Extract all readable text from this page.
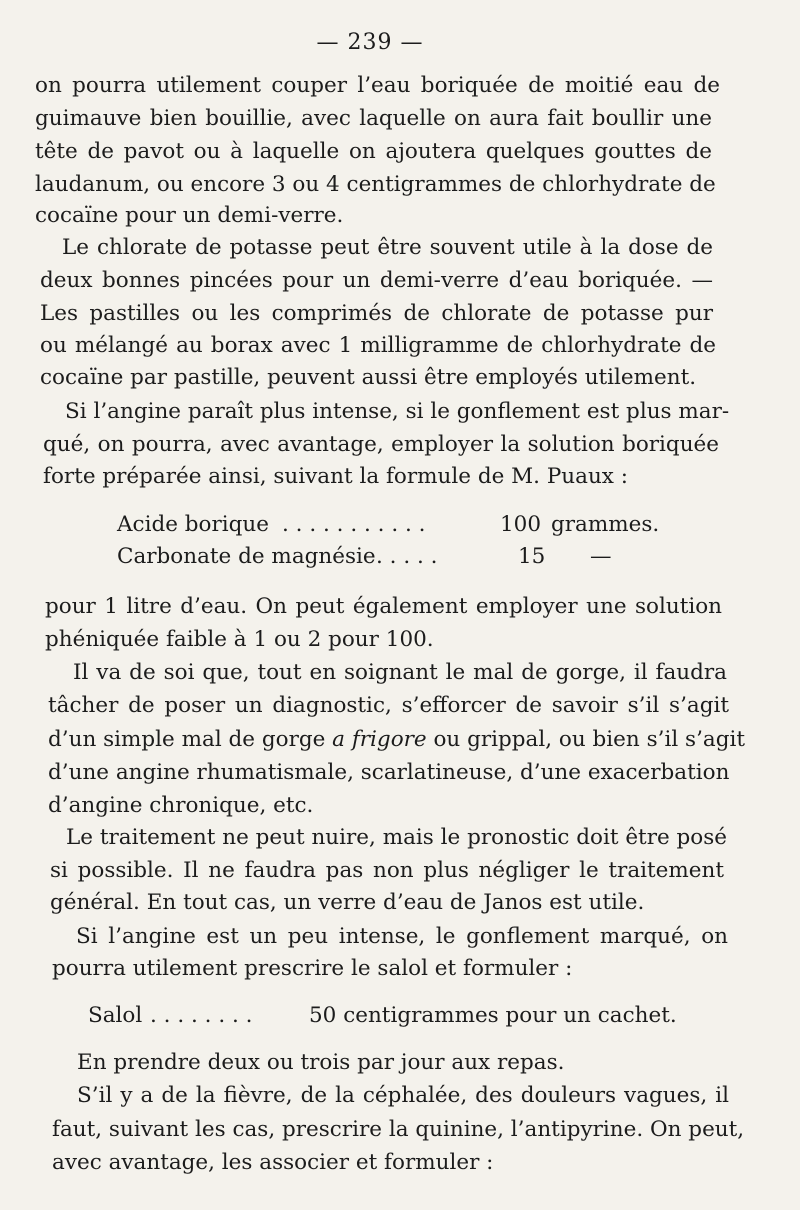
— 239 —
on pourra utilement couper l’eau boriquée de moitié eau de
guimauve bien bouillie, avec laquelle on aura fait boullir une
tête de pavot ou à laquelle on ajoutera quelques gouttes de
laudanum, ou encore 3 ou 4 centigrammes de chlorhydrate de
cocaïne pour un demi-verre.
Le chlorate de potasse peut être souvent utile à la dose de
deux bonnes pincées pour un demi-verre d’eau boriquée. —
Les pastilles ou les comprimés de chlorate de potasse pur
ou mélangé au borax avec 1 milligramme de chlorhydrate de
cocaïne par pastille, peuvent aussi être employés utilement.
Si l’angine paraît plus intense, si le gonflement est plus mar-
qué, on pourra, avec avantage, employer la solution boriquée
forte préparée ainsi, suivant la formule de M. Puaux :
Acide borique . . . . . . . . . . .	100 grammes.
Carbonate de magnésie . . . . .	15 —
pour 1 litre d’eau. On peut également employer une solution
phéniquée faible à 1 ou 2 pour 100.
Il va de soi que, tout en soignant le mal de gorge, il faudra
tâcher de poser un diagnostic, s’efforcer de savoir s’il s’agit
d’un simple mal de gorge a frigore ou grippal, ou bien s’il s’agit
d’une angine rhumatismale, scarlatineuse, d’une exacerbation
d’angine chronique, etc.
Le traitement ne peut nuire, mais le pronostic doit être posé
si possible. Il ne faudra pas non plus négliger le traitement
général. En tout cas, un verre d’eau de Janos est utile.
Si l’angine est un peu intense, le gonflement marqué, on
pourra utilement prescrire le salol et formuler :
Salol . . . . . . . .	50 centigrammes pour un cachet.
En prendre deux ou trois par jour aux repas.
S’il y a de la fièvre, de la céphalée, des douleurs vagues, il
faut, suivant les cas, prescrire la quinine, l’antipyrine. On peut,
avec avantage, les associer et formuler :
